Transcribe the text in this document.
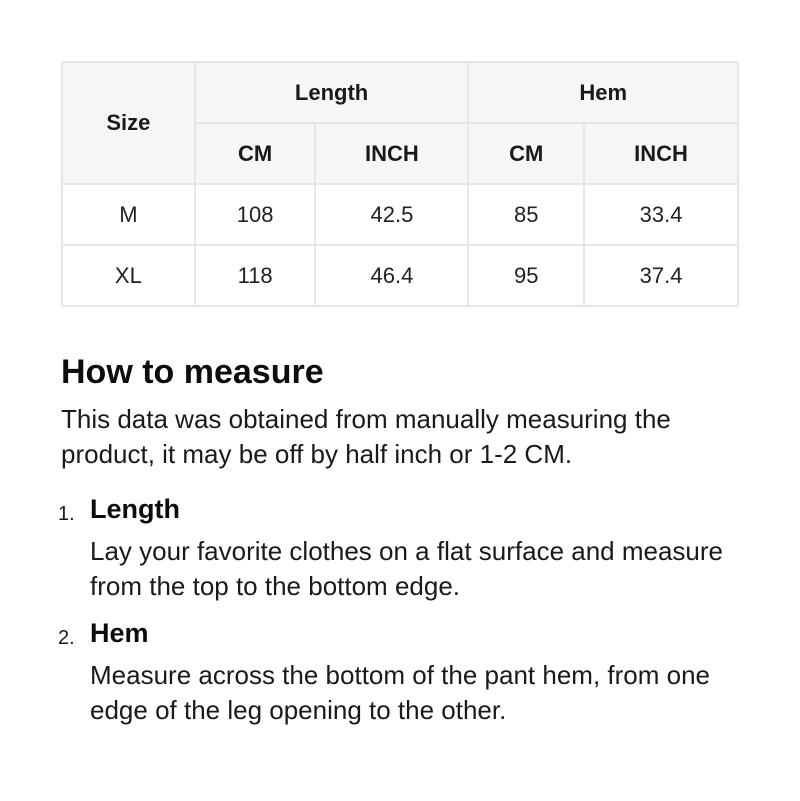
Size	Length		Hem	
	CM	INCH	CM	INCH
M	108	42.5	85	33.4
XL	118	46.4	95	37.4
How to measure

This data was obtained from manually measuring the product, it may be off by half inch or 1-2 CM.

1. Length

Lay your favorite clothes on a flat surface and measure from the top to the bottom edge.

2. Hem

Measure across the bottom of the pant hem, from one edge of the leg opening to the other.
